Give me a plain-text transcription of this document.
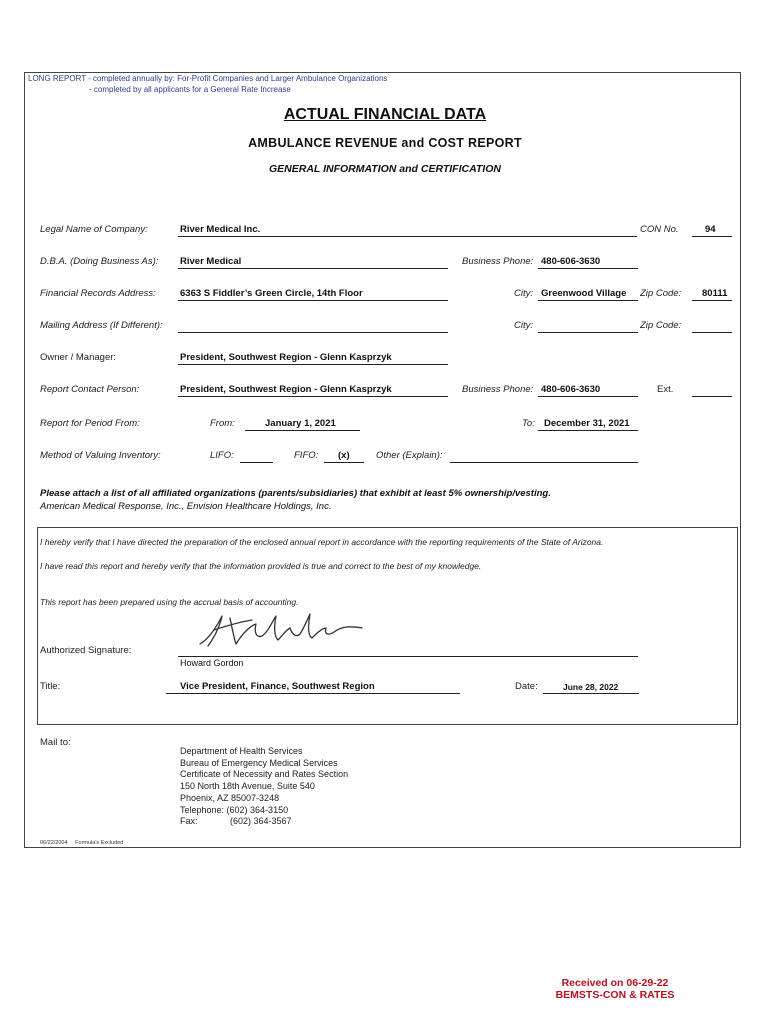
LONG REPORT - completed annually by: For-Profit Companies and Larger Ambulance Organizations
- completed by all applicants for a General Rate Increase
ACTUAL FINANCIAL DATA
AMBULANCE REVENUE and COST REPORT
GENERAL INFORMATION and CERTIFICATION
Legal Name of Company:	River Medical Inc.	CON No.	94
D.B.A. (Doing Business As): River Medical	Business Phone: 480-606-3630
Financial Records Address:	6363 S Fiddler’s Green Circle, 14th Floor	City: Greenwood Village Zip Code: 80111
Mailing Address (If Different):	City:	Zip Code:
Owner / Manager:	President, Southwest Region - Glenn Kasprzyk
Report Contact Person:	President, Southwest Region - Glenn Kasprzyk	Business Phone: 480-606-3630	Ext.
Report for Period From:	From:	January 1, 2021	To: December 31, 2021
Method of Valuing Inventory:	LIFO:	FIFO: (x)	Other (Explain):
Please attach a list of all affiliated organizations (parents/subsidiaries) that exhibit at least 5% ownership/vesting.
American Medical Response, Inc., Envision Healthcare Holdings, Inc.
I hereby verify that I have directed the preparation of the enclosed annual report in accordance with the reporting requirements of the State of Arizona.
I have read this report and hereby verify that the information provided is true and correct to the best of my knowledge.
This report has been prepared using the accrual basis of accounting.
Authorized Signature:
Howard Gordon
Title:	Vice President, Finance, Southwest Region	Date:	June 28, 2022
Mail to:
Department of Health Services
Bureau of Emergency Medical Services
Certificate of Necessity and Rates Section
150 North 18th Avenue, Suite 540
Phoenix, AZ 85007-3248
Telephone: (602) 364-3150
Fax:             (602) 364-3567
06/22/2004     Formula's Excluded
Received on 06-29-22
BEMSTS-CON & RATES
